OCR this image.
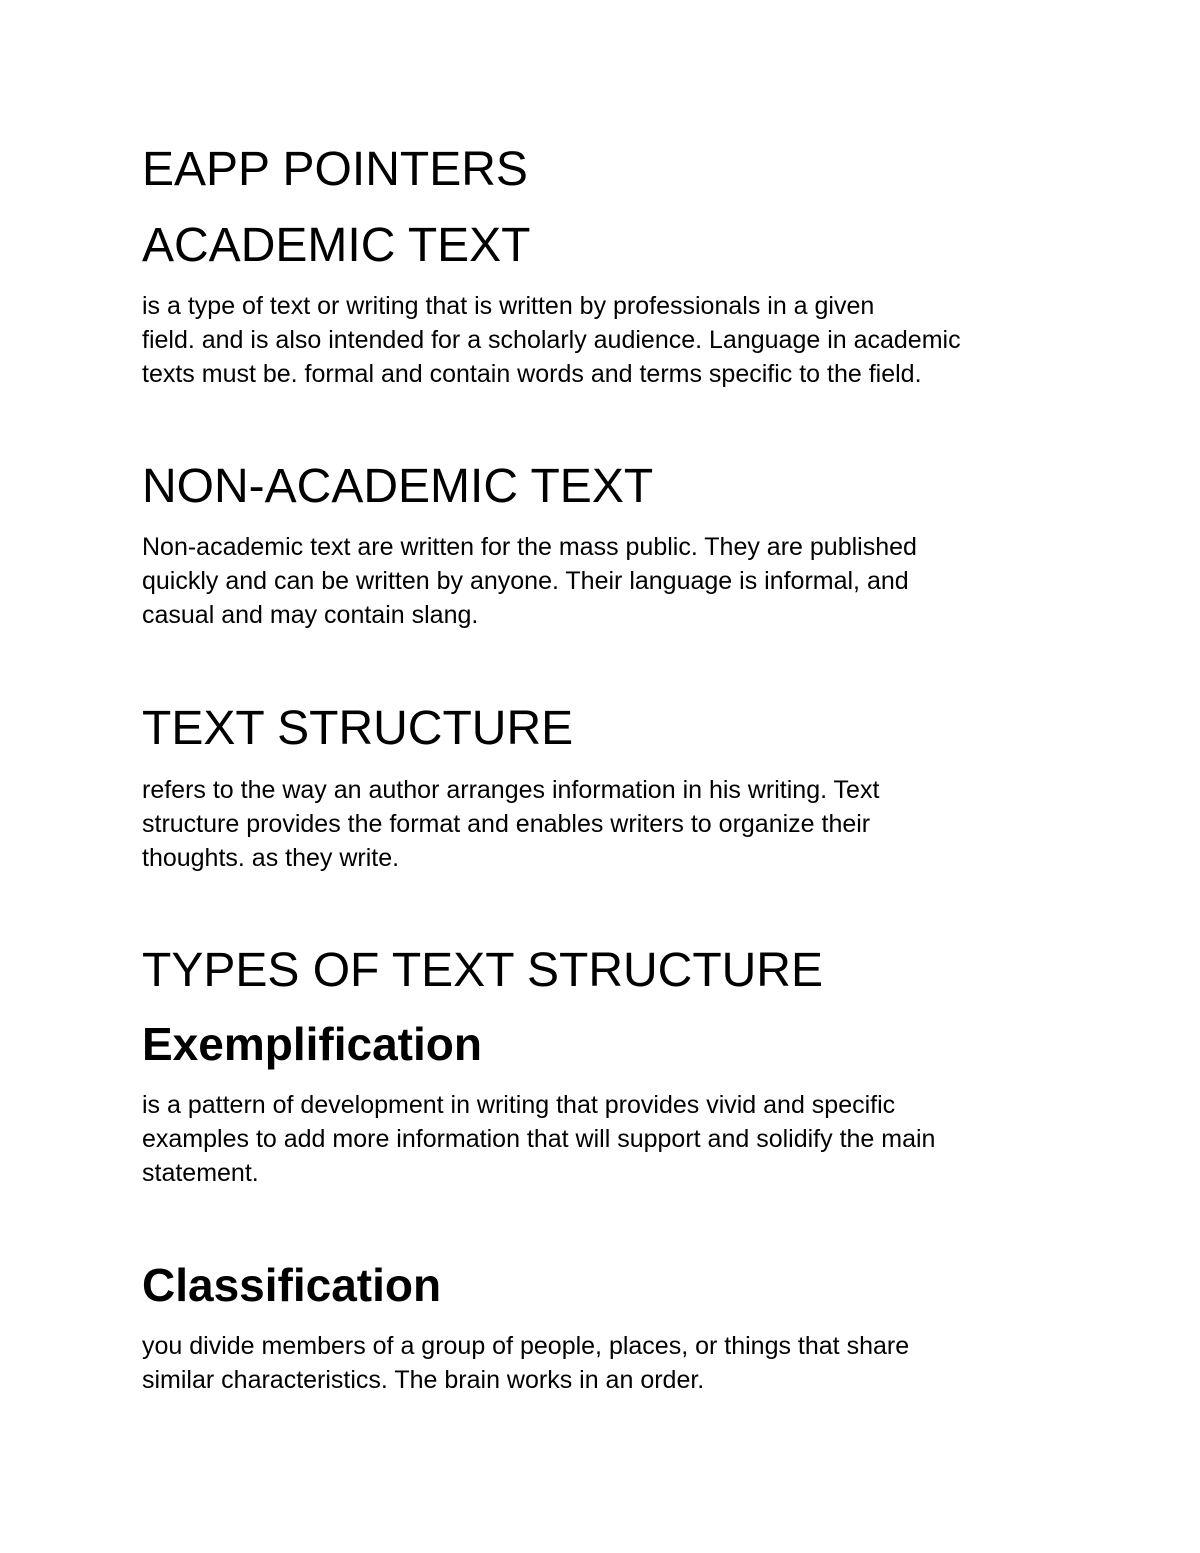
EAPP POINTERS
ACADEMIC TEXT

is a type of text or writing that is written by professionals in a given
field. and is also intended for a scholarly audience. Language in academic
texts must be. formal and contain words and terms specific to the field.

NON-ACADEMIC TEXT

Non-academic text are written for the mass public. They are published
quickly and can be written by anyone. Their language is informal, and
casual and may contain slang.

TEXT STRUCTURE

refers to the way an author arranges information in his writing. Text
structure provides the format and enables writers to organize their
thoughts. as they write.

TYPES OF TEXT STRUCTURE
Exemplification

is a pattern of development in writing that provides vivid and specific
examples to add more information that will support and solidify the main
statement.

Classification

you divide members of a group of people, places, or things that share
similar characteristics. The brain works in an order.
